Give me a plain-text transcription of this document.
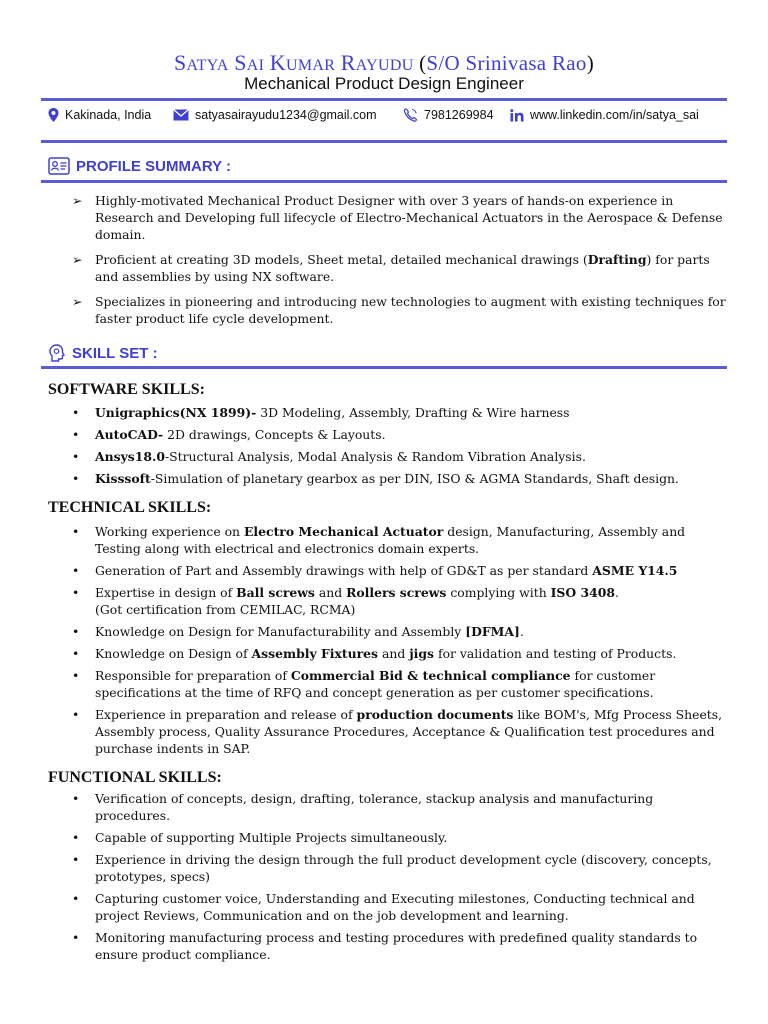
SATYA SAI KUMAR RAYUDU (S/O Srinivasa Rao)
Mechanical Product Design Engineer
Kakinada, India	satyasairayudu1234@gmail.com	7981269984	www.linkedin.com/in/satya_sai
PROFILE SUMMARY :
➢ Highly-motivated Mechanical Product Designer with over 3 years of hands-on experience in Research and Developing full lifecycle of Electro-Mechanical Actuators in the Aerospace & Defense domain.
➢ Proficient at creating 3D models, Sheet metal, detailed mechanical drawings (Drafting) for parts and assemblies by using NX software.
➢ Specializes in pioneering and introducing new technologies to augment with existing techniques for faster product life cycle development.
SKILL SET :
SOFTWARE SKILLS:
• Unigraphics(NX 1899)- 3D Modeling, Assembly, Drafting & Wire harness
• AutoCAD- 2D drawings, Concepts & Layouts.
• Ansys18.0-Structural Analysis, Modal Analysis & Random Vibration Analysis.
• Kisssoft-Simulation of planetary gearbox as per DIN, ISO & AGMA Standards, Shaft design.
TECHNICAL SKILLS:
• Working experience on Electro Mechanical Actuator design, Manufacturing, Assembly and Testing along with electrical and electronics domain experts.
• Generation of Part and Assembly drawings with help of GD&T as per standard ASME Y14.5
• Expertise in design of Ball screws and Rollers screws complying with ISO 3408.
(Got certification from CEMILAC, RCMA)
• Knowledge on Design for Manufacturability and Assembly [DFMA].
• Knowledge on Design of Assembly Fixtures and jigs for validation and testing of Products.
• Responsible for preparation of Commercial Bid & technical compliance for customer specifications at the time of RFQ and concept generation as per customer specifications.
• Experience in preparation and release of production documents like BOM's, Mfg Process Sheets, Assembly process, Quality Assurance Procedures, Acceptance & Qualification test procedures and purchase indents in SAP.
FUNCTIONAL SKILLS:
• Verification of concepts, design, drafting, tolerance, stackup analysis and manufacturing procedures.
• Capable of supporting Multiple Projects simultaneously.
• Experience in driving the design through the full product development cycle (discovery, concepts, prototypes, specs)
• Capturing customer voice, Understanding and Executing milestones, Conducting technical and project Reviews, Communication and on the job development and learning.
• Monitoring manufacturing process and testing procedures with predefined quality standards to ensure product compliance.
